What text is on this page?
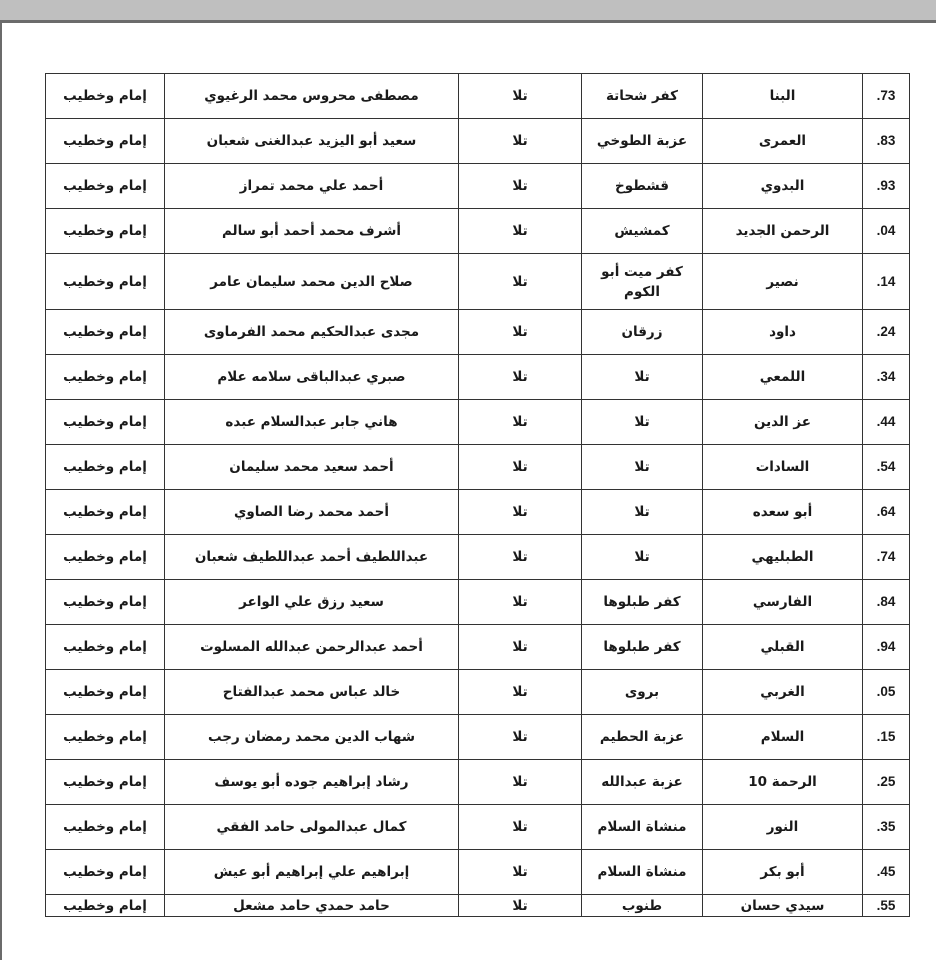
.73	البنا	كفر شحاتة	تلا	مصطفى محروس محمد الرغيوي	إمام وخطيب
.83	العمرى	عزبة الطوخي	تلا	سعيد أبو اليزيد عبدالغنى شعبان	إمام وخطيب
.93	البدوي	قشطوخ	تلا	أحمد علي محمد تمراز	إمام وخطيب
.04	الرحمن الجديد	كمشيش	تلا	أشرف محمد أحمد أبو سالم	إمام وخطيب
.14	نصير	كفر ميت أبو الكوم	تلا	صلاح الدين محمد سليمان عامر	إمام وخطيب
.24	داود	زرقان	تلا	مجدى عبدالحكيم محمد الفرماوى	إمام وخطيب
.34	اللمعي	تلا	تلا	صبري عبدالباقى سلامه علام	إمام وخطيب
.44	عز الدين	تلا	تلا	هاني جابر عبدالسلام عبده	إمام وخطيب
.54	السادات	تلا	تلا	أحمد سعيد محمد سليمان	إمام وخطيب
.64	أبو سعده	تلا	تلا	أحمد محمد رضا الصاوي	إمام وخطيب
.74	الطبليهي	تلا	تلا	عبداللطيف أحمد عبداللطيف شعبان	إمام وخطيب
.84	الفارسي	كفر طبلوها	تلا	سعيد رزق علي الواعر	إمام وخطيب
.94	القبلي	كفر طبلوها	تلا	أحمد عبدالرحمن عبدالله المسلوت	إمام وخطيب
.05	الغربي	بروى	تلا	خالد عباس محمد عبدالفتاح	إمام وخطيب
.15	السلام	عزبة الحطيم	تلا	شهاب الدين محمد رمضان رجب	إمام وخطيب
.25	الرحمة 10	عزبة عبدالله	تلا	رشاد إبراهيم جوده أبو يوسف	إمام وخطيب
.35	النور	منشاة السلام	تلا	كمال عبدالمولى حامد الفقي	إمام وخطيب
.45	أبو بكر	منشاة السلام	تلا	إبراهيم علي إبراهيم أبو عيش	إمام وخطيب
.55	سيدي حسان	طنوب	تلا	حامد حمدي حامد مشعل	إمام وخطيب
